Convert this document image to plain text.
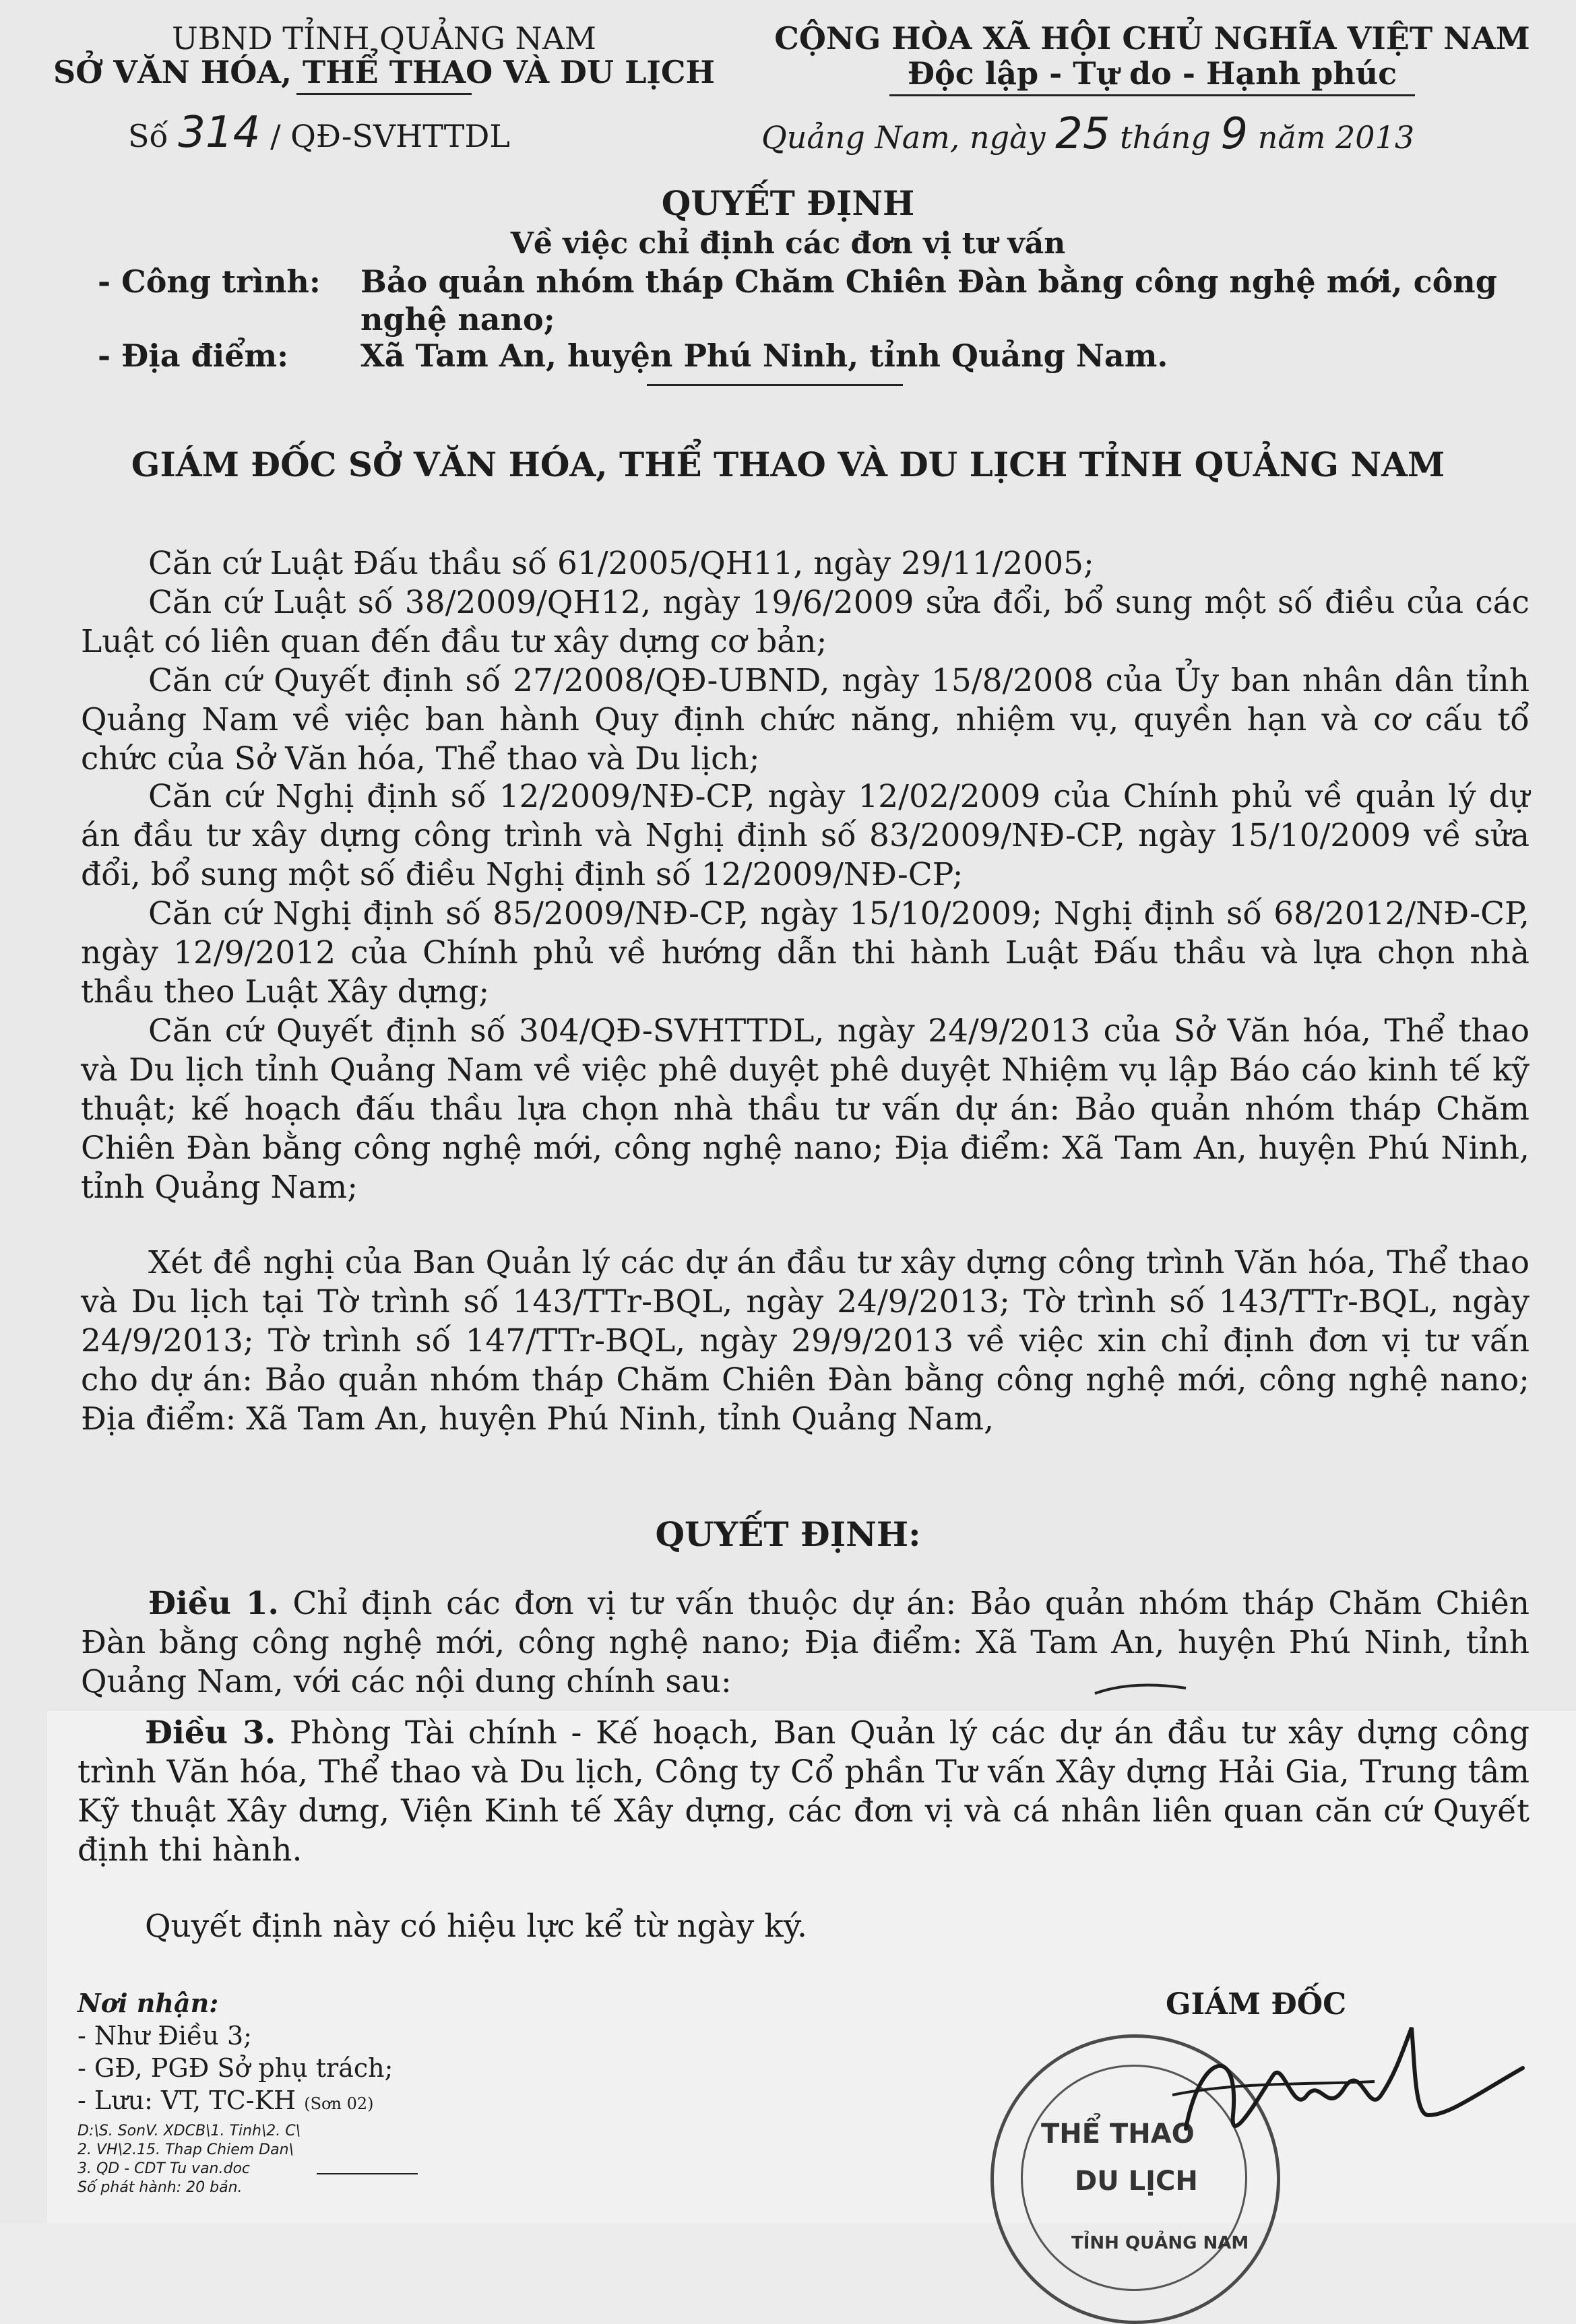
UBND TỈNH QUẢNG NAM
SỞ VĂN HÓA, THỂ THAO VÀ DU LỊCH
Số 314 / QĐ-SVHTTDL
CỘNG HÒA XÃ HỘI CHỦ NGHĨA VIỆT NAM
Độc lập - Tự do - Hạnh phúc
Quảng Nam, ngày 25 tháng 9 năm 2013
QUYẾT ĐỊNH
Về việc chỉ định các đơn vị tư vấn
- Công trình: Bảo quản nhóm tháp Chăm Chiên Đàn bằng công nghệ mới, công
nghệ nano;
- Địa điểm: Xã Tam An, huyện Phú Ninh, tỉnh Quảng Nam.
GIÁM ĐỐC SỞ VĂN HÓA, THỂ THAO VÀ DU LỊCH TỈNH QUẢNG NAM
Căn cứ Luật Đấu thầu số 61/2005/QH11, ngày 29/11/2005;
Căn cứ Luật số 38/2009/QH12, ngày 19/6/2009 sửa đổi, bổ sung một số điều của các Luật có liên quan đến đầu tư xây dựng cơ bản;
Căn cứ Quyết định số 27/2008/QĐ-UBND, ngày 15/8/2008 của Ủy ban nhân dân tỉnh Quảng Nam về việc ban hành Quy định chức năng, nhiệm vụ, quyền hạn và cơ cấu tổ chức của Sở Văn hóa, Thể thao và Du lịch;
Căn cứ Nghị định số 12/2009/NĐ-CP, ngày 12/02/2009 của Chính phủ về quản lý dự án đầu tư xây dựng công trình và Nghị định số 83/2009/NĐ-CP, ngày 15/10/2009 về sửa đổi, bổ sung một số điều Nghị định số 12/2009/NĐ-CP;
Căn cứ Nghị định số 85/2009/NĐ-CP, ngày 15/10/2009; Nghị định số 68/2012/NĐ-CP, ngày 12/9/2012 của Chính phủ về hướng dẫn thi hành Luật Đấu thầu và lựa chọn nhà thầu theo Luật Xây dựng;
Căn cứ Quyết định số 304/QĐ-SVHTTDL, ngày 24/9/2013 của Sở Văn hóa, Thể thao và Du lịch tỉnh Quảng Nam về việc phê duyệt phê duyệt Nhiệm vụ lập Báo cáo kinh tế kỹ thuật; kế hoạch đấu thầu lựa chọn nhà thầu tư vấn dự án: Bảo quản nhóm tháp Chăm Chiên Đàn bằng công nghệ mới, công nghệ nano; Địa điểm: Xã Tam An, huyện Phú Ninh, tỉnh Quảng Nam;
Xét đề nghị của Ban Quản lý các dự án đầu tư xây dựng công trình Văn hóa, Thể thao và Du lịch tại Tờ trình số 143/TTr-BQL, ngày 24/9/2013; Tờ trình số 143/TTr-BQL, ngày 24/9/2013; Tờ trình số 147/TTr-BQL, ngày 29/9/2013 về việc xin chỉ định đơn vị tư vấn cho dự án: Bảo quản nhóm tháp Chăm Chiên Đàn bằng công nghệ mới, công nghệ nano; Địa điểm: Xã Tam An, huyện Phú Ninh, tỉnh Quảng Nam,
QUYẾT ĐỊNH:
Điều 1. Chỉ định các đơn vị tư vấn thuộc dự án: Bảo quản nhóm tháp Chăm Chiên Đàn bằng công nghệ mới, công nghệ nano; Địa điểm: Xã Tam An, huyện Phú Ninh, tỉnh Quảng Nam, với các nội dung chính sau:
Điều 3. Phòng Tài chính - Kế hoạch, Ban Quản lý các dự án đầu tư xây dựng công trình Văn hóa, Thể thao và Du lịch, Công ty Cổ phần Tư vấn Xây dựng Hải Gia, Trung tâm Kỹ thuật Xây dưng, Viện Kinh tế Xây dựng, các đơn vị và cá nhân liên quan căn cứ Quyết định thi hành.
Quyết định này có hiệu lực kể từ ngày ký.
Nơi nhận:
- Như Điều 3;
- GĐ, PGĐ Sở phụ trách;
- Lưu: VT, TC-KH (Sơn 02)
D:\S. SonV. XDCB\1. Tinh\2. C\
2. VH\2.15. Thap Chiem Dan\
3. QD - CDT Tu van.doc
Số phát hành: 20 bản.
GIÁM ĐỐC
THỂ THAO
DU LỊCH
TỈNH QUẢNG NAM
